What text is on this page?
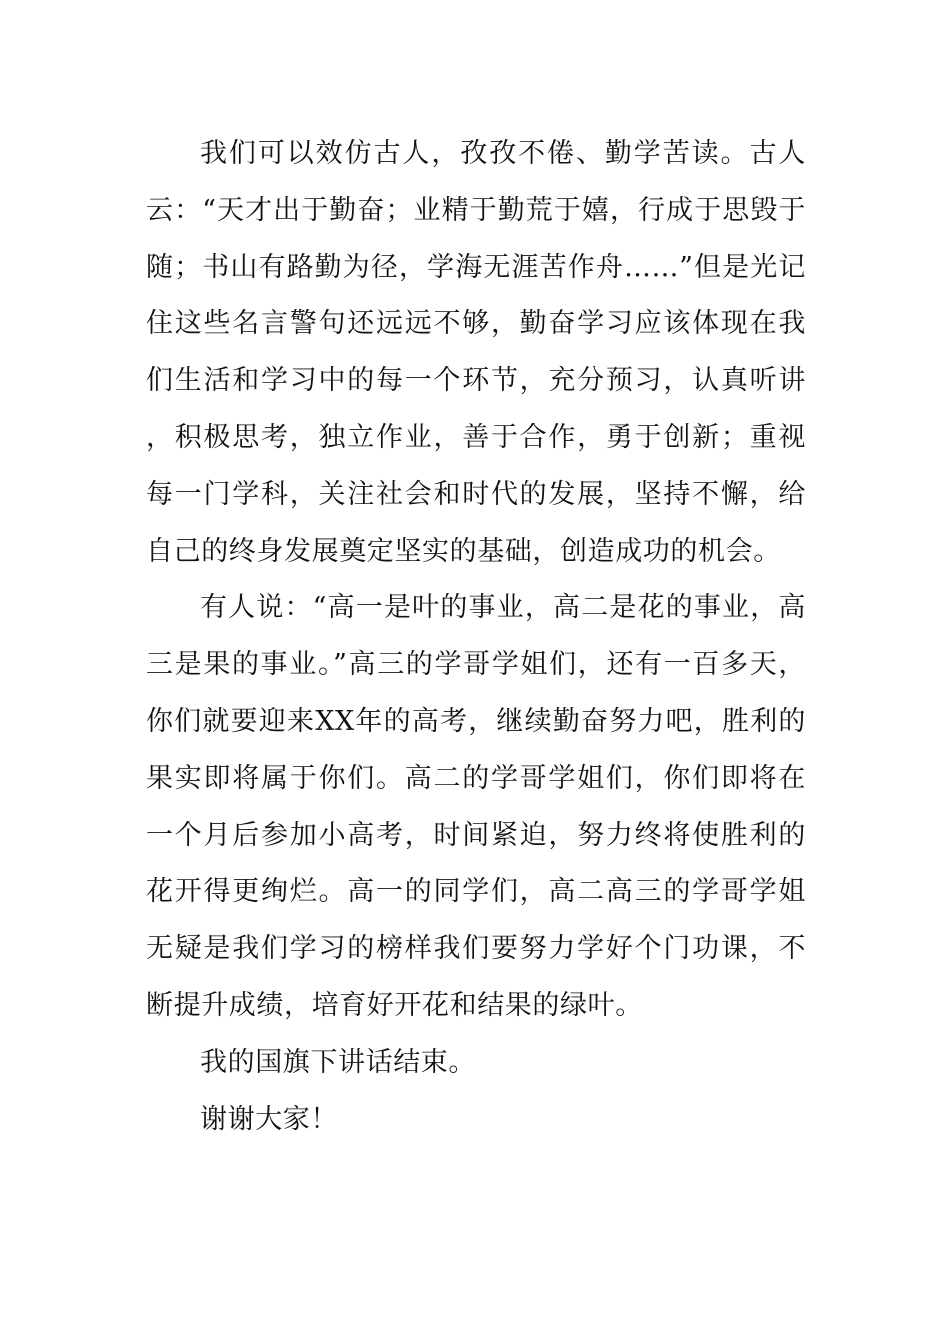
我们可以效仿古人，孜孜不倦、勤学苦读。古人云：“天才出于勤奋；业精于勤荒于嬉，行成于思毁于随；书山有路勤为径，学海无涯苦作舟……”但是光记住这些名言警句还远远不够，勤奋学习应该体现在我们生活和学习中的每一个环节，充分预习，认真听讲，积极思考，独立作业，善于合作，勇于创新；重视每一门学科，关注社会和时代的发展，坚持不懈，给自己的终身发展奠定坚实的基础，创造成功的机会。

有人说：“高一是叶的事业，高二是花的事业，高三是果的事业。”高三的学哥学姐们，还有一百多天，你们就要迎来XX年的高考，继续勤奋努力吧，胜利的果实即将属于你们。高二的学哥学姐们，你们即将在一个月后参加小高考，时间紧迫，努力终将使胜利的花开得更绚烂。高一的同学们，高二高三的学哥学姐无疑是我们学习的榜样我们要努力学好个门功课，不断提升成绩，培育好开花和结果的绿叶。

我的国旗下讲话结束。

谢谢大家！
